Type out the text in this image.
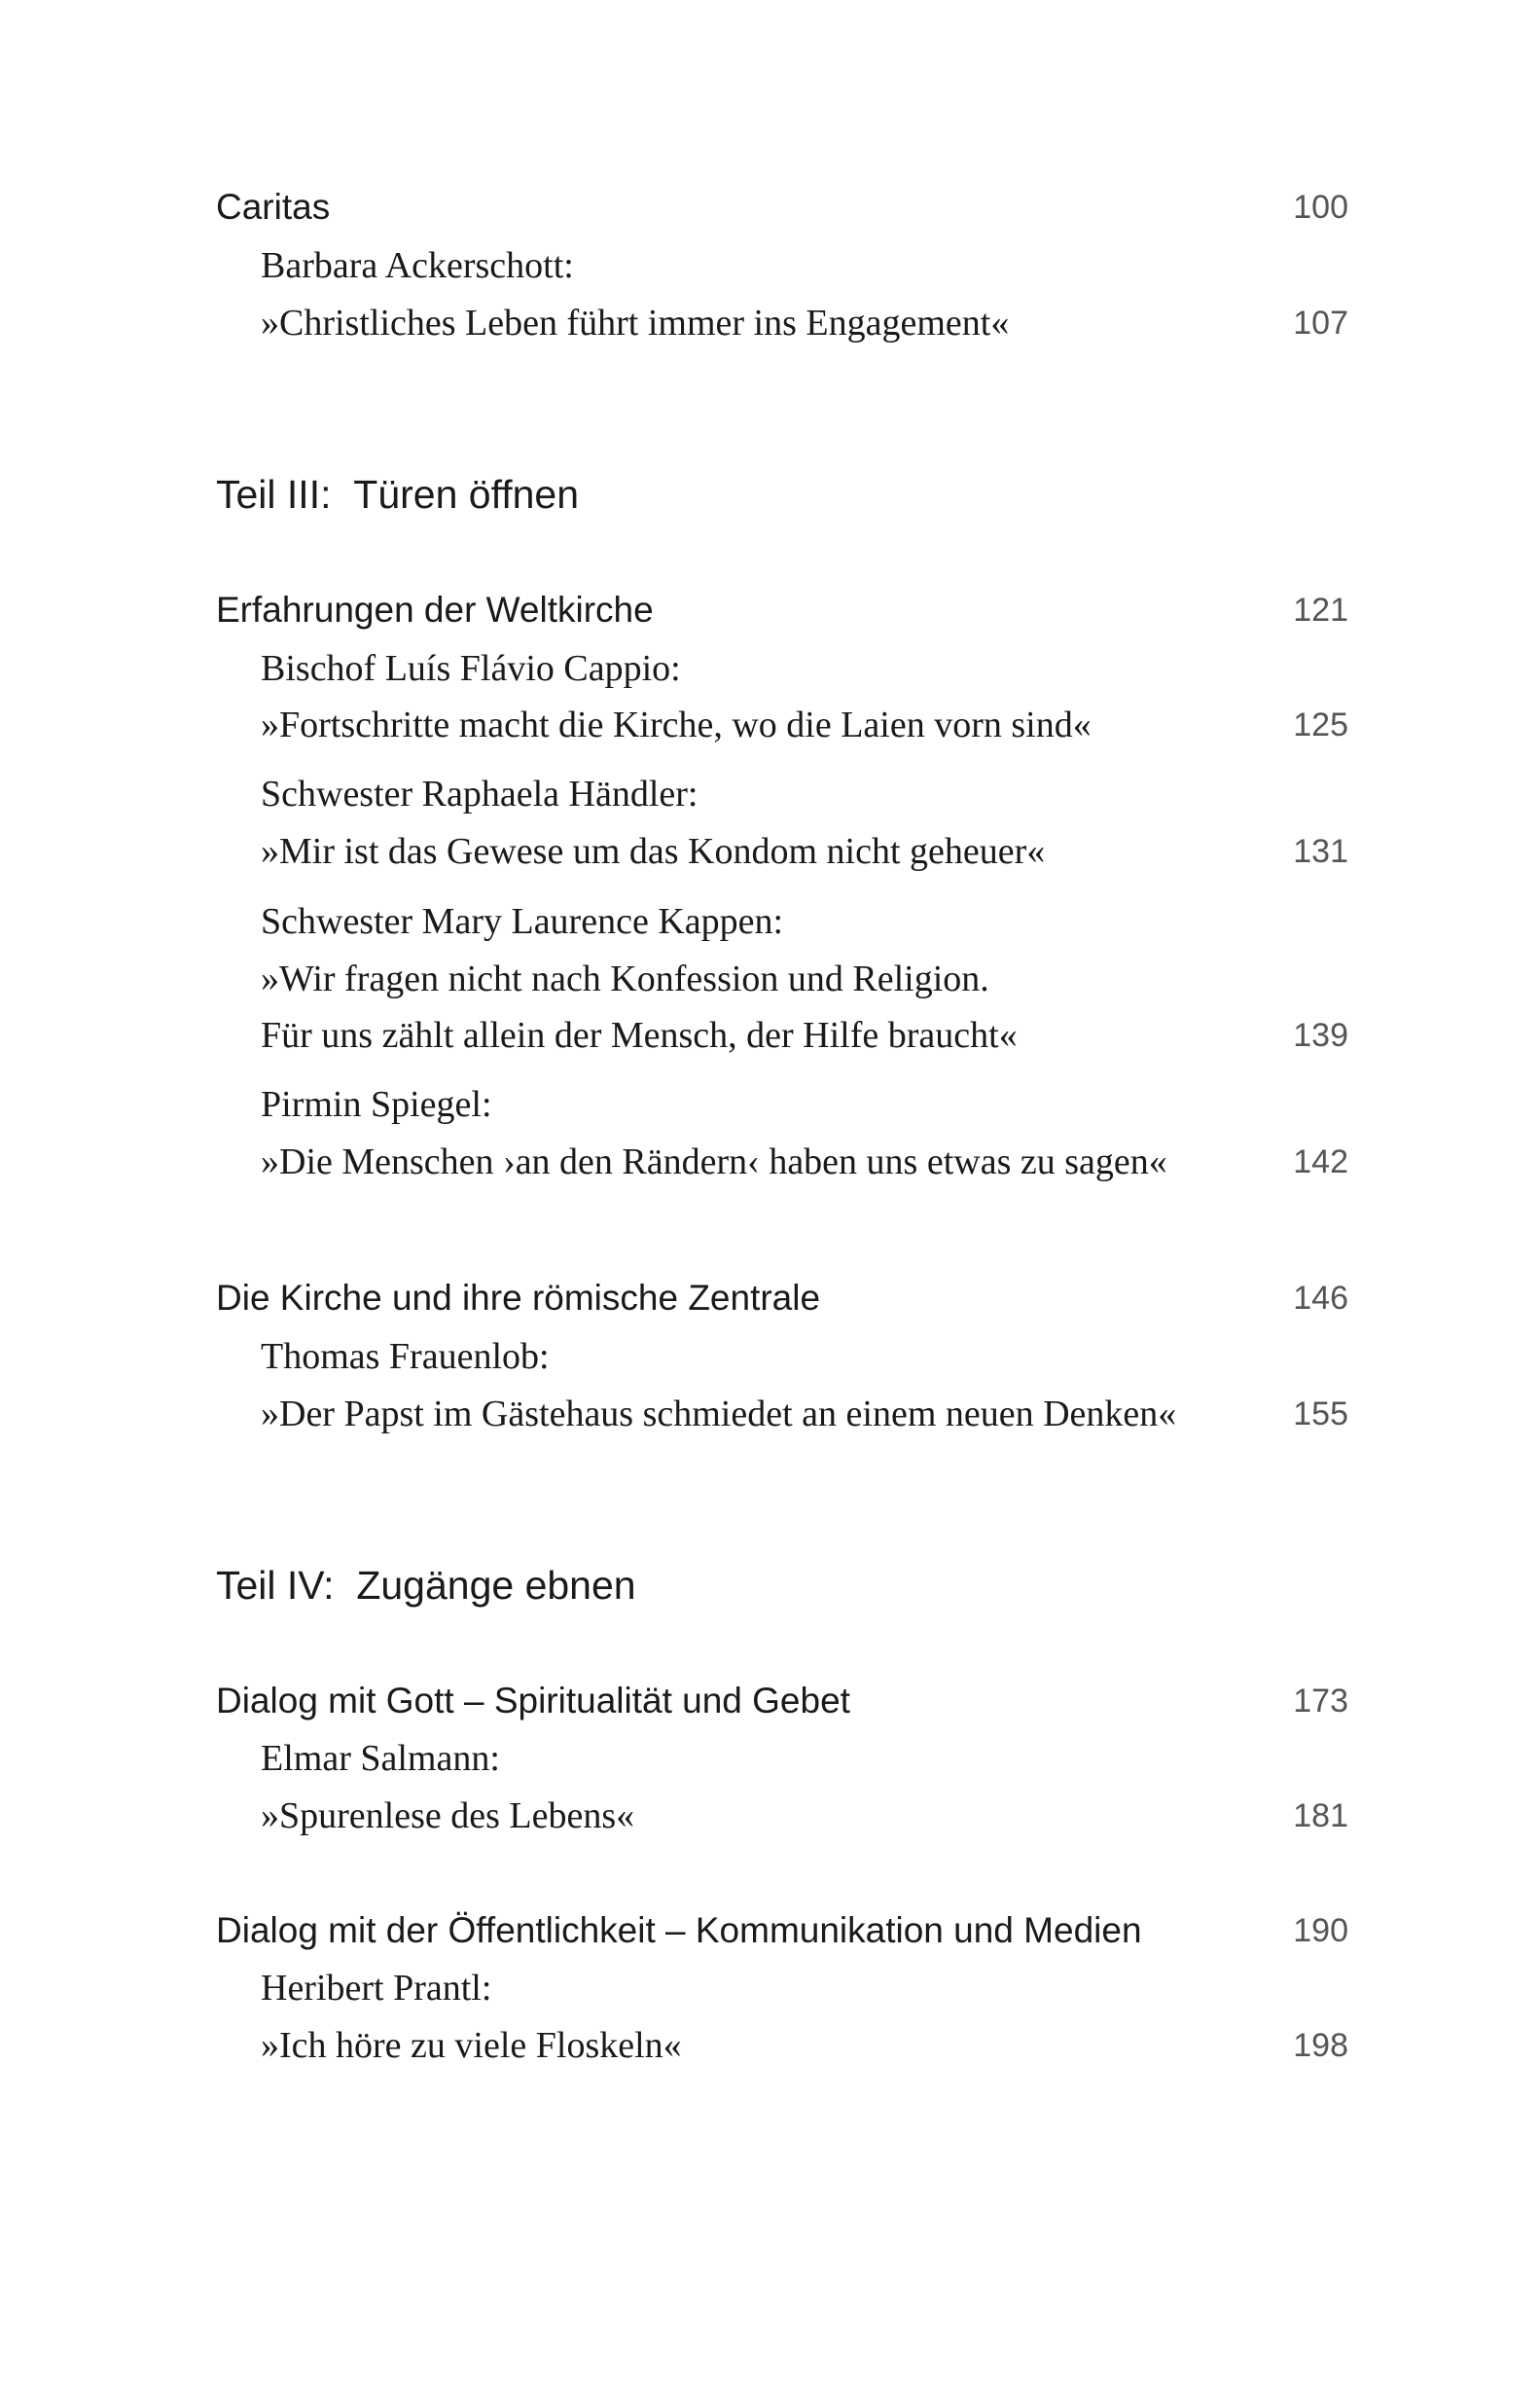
Caritas	100
Barbara Ackerschott:
»Christliches Leben führt immer ins Engagement«	107
Teil III: Türen öffnen
Erfahrungen der Weltkirche	121
Bischof Luís Flávio Cappio:
»Fortschritte macht die Kirche, wo die Laien vorn sind«	125
Schwester Raphaela Händler:
»Mir ist das Gewese um das Kondom nicht geheuer«	131
Schwester Mary Laurence Kappen:
»Wir fragen nicht nach Konfession und Religion.
Für uns zählt allein der Mensch, der Hilfe braucht«	139
Pirmin Spiegel:
»Die Menschen ›an den Rändern‹ haben uns etwas zu sagen«	142
Die Kirche und ihre römische Zentrale	146
Thomas Frauenlob:
»Der Papst im Gästehaus schmiedet an einem neuen Denken«	155
Teil IV: Zugänge ebnen
Dialog mit Gott – Spiritualität und Gebet	173
Elmar Salmann:
»Spurenlese des Lebens«	181
Dialog mit der Öffentlichkeit – Kommunikation und Medien	190
Heribert Prantl:
»Ich höre zu viele Floskeln«	198
